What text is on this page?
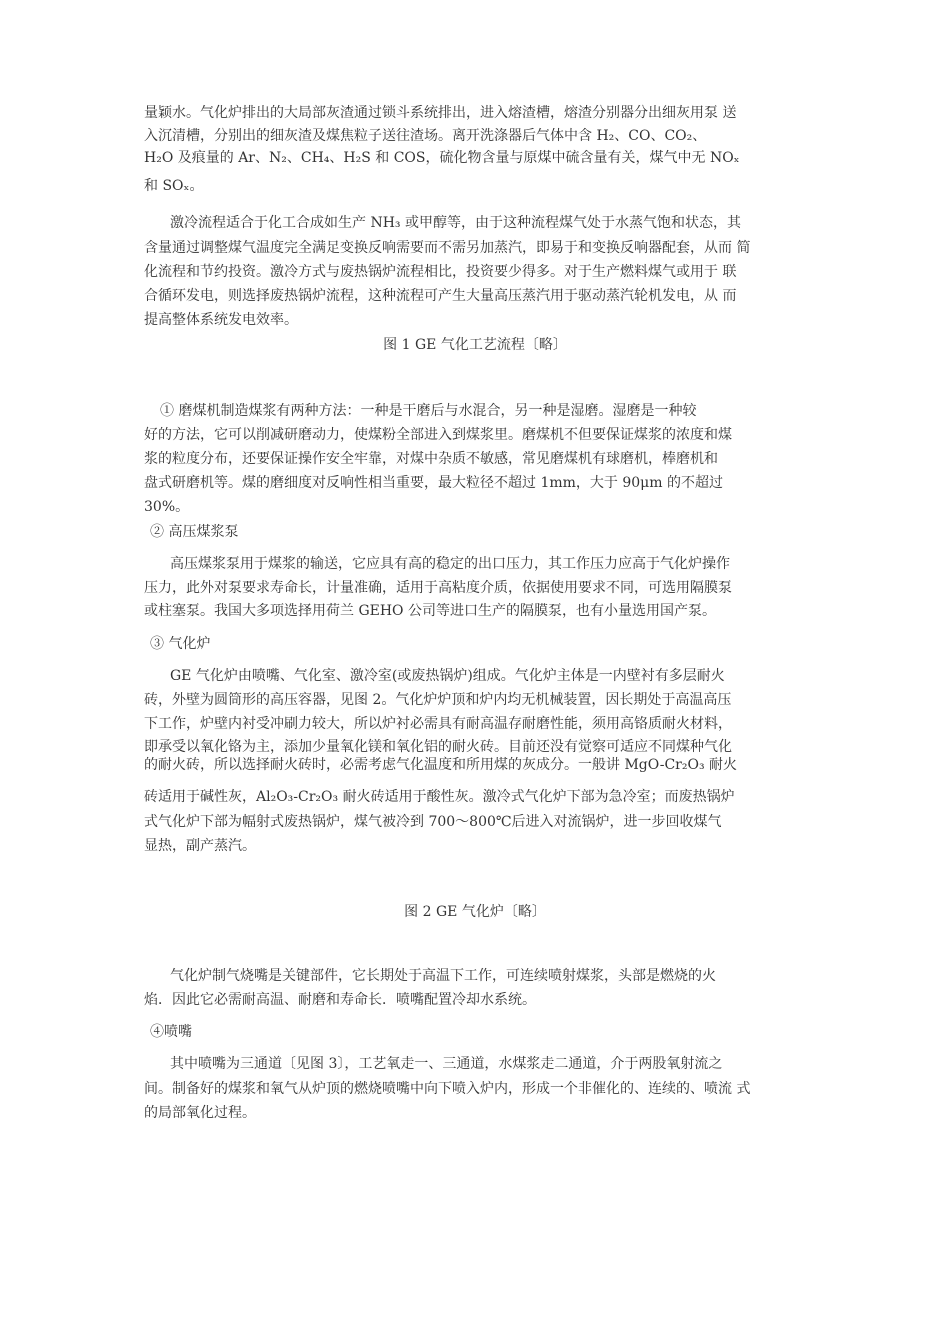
量颖水。气化炉排出的大局部灰渣通过锁斗系统排出，进入熔渣槽，熔渣分别器分出细灰用泵 送
入沉清槽，分别出的细灰渣及煤焦粒子送往渣场。离开洗涤器后气体中含 H₂、CO、CO₂、
H₂O 及痕量的 Ar、N₂、CH₄、H₂S 和 COS，硫化物含量与原煤中硫含量有关，煤气中无 NOₓ
和 SOₓ。
激冷流程适合于化工合成如生产 NH₃ 或甲醇等，由于这种流程煤气处于水蒸气饱和状态，其
含量通过调整煤气温度完全满足变换反响需要而不需另加蒸汽，即易于和变换反响器配套，从而 简
化流程和节约投资。激冷方式与废热锅炉流程相比，投资要少得多。对于生产燃料煤气或用于 联
合循环发电，则选择废热锅炉流程，这种流程可产生大量高压蒸汽用于驱动蒸汽轮机发电，从 而
提高整体系统发电效率。
图 1 GE 气化工艺流程〔略〕
① 磨煤机制造煤浆有两种方法：一种是干磨后与水混合，另一种是湿磨。湿磨是一种较
好的方法，它可以削减研磨动力，使煤粉全部进入到煤浆里。磨煤机不但要保证煤浆的浓度和煤
浆的粒度分布，还要保证操作安全牢靠，对煤中杂质不敏感，常见磨煤机有球磨机，棒磨机和
盘式研磨机等。煤的磨细度对反响性相当重要，最大粒径不超过 1mm，大于 90μm 的不超过
30%。
② 高压煤浆泵
高压煤浆泵用于煤浆的输送，它应具有高的稳定的出口压力，其工作压力应高于气化炉操作
压力，此外对泵要求寿命长，计量准确，适用于高粘度介质，依据使用要求不同，可选用隔膜泵
或柱塞泵。我国大多项选择用荷兰 GEHO 公司等进口生产的隔膜泵，也有小量选用国产泵。
③ 气化炉
GE 气化炉由喷嘴、气化室、激冷室(或废热锅炉)组成。气化炉主体是一内壁衬有多层耐火
砖，外壁为圆筒形的高压容器，见图 2。气化炉炉顶和炉内均无机械装置，因长期处于高温高压
下工作，炉壁内衬受冲刷力较大，所以炉衬必需具有耐高温存耐磨性能，须用高铬质耐火材料，
即承受以氧化铬为主，添加少量氧化镁和氧化铝的耐火砖。目前还没有觉察可适应不同煤种气化
的耐火砖，所以选择耐火砖时，必需考虑气化温度和所用煤的灰成分。一般讲 MgO-Cr₂O₃ 耐火
砖适用于碱性灰，Al₂O₃-Cr₂O₃ 耐火砖适用于酸性灰。激冷式气化炉下部为急冷室；而废热锅炉
式气化炉下部为幅射式废热锅炉，煤气被冷到 700～800℃后进入对流锅炉，进一步回收煤气
显热，副产蒸汽。
图 2 GE 气化炉〔略〕
气化炉制气烧嘴是关键部件，它长期处于高温下工作，可连续喷射煤浆，头部是燃烧的火
焰．因此它必需耐高温、耐磨和寿命长．喷嘴配置冷却水系统。
④喷嘴
其中喷嘴为三通道〔见图 3〕，工艺氧走一、三通道，水煤浆走二通道，介于两股氧射流之
间。制备好的煤浆和氧气从炉顶的燃烧喷嘴中向下喷入炉内，形成一个非催化的、连续的、喷流 式
的局部氧化过程。
